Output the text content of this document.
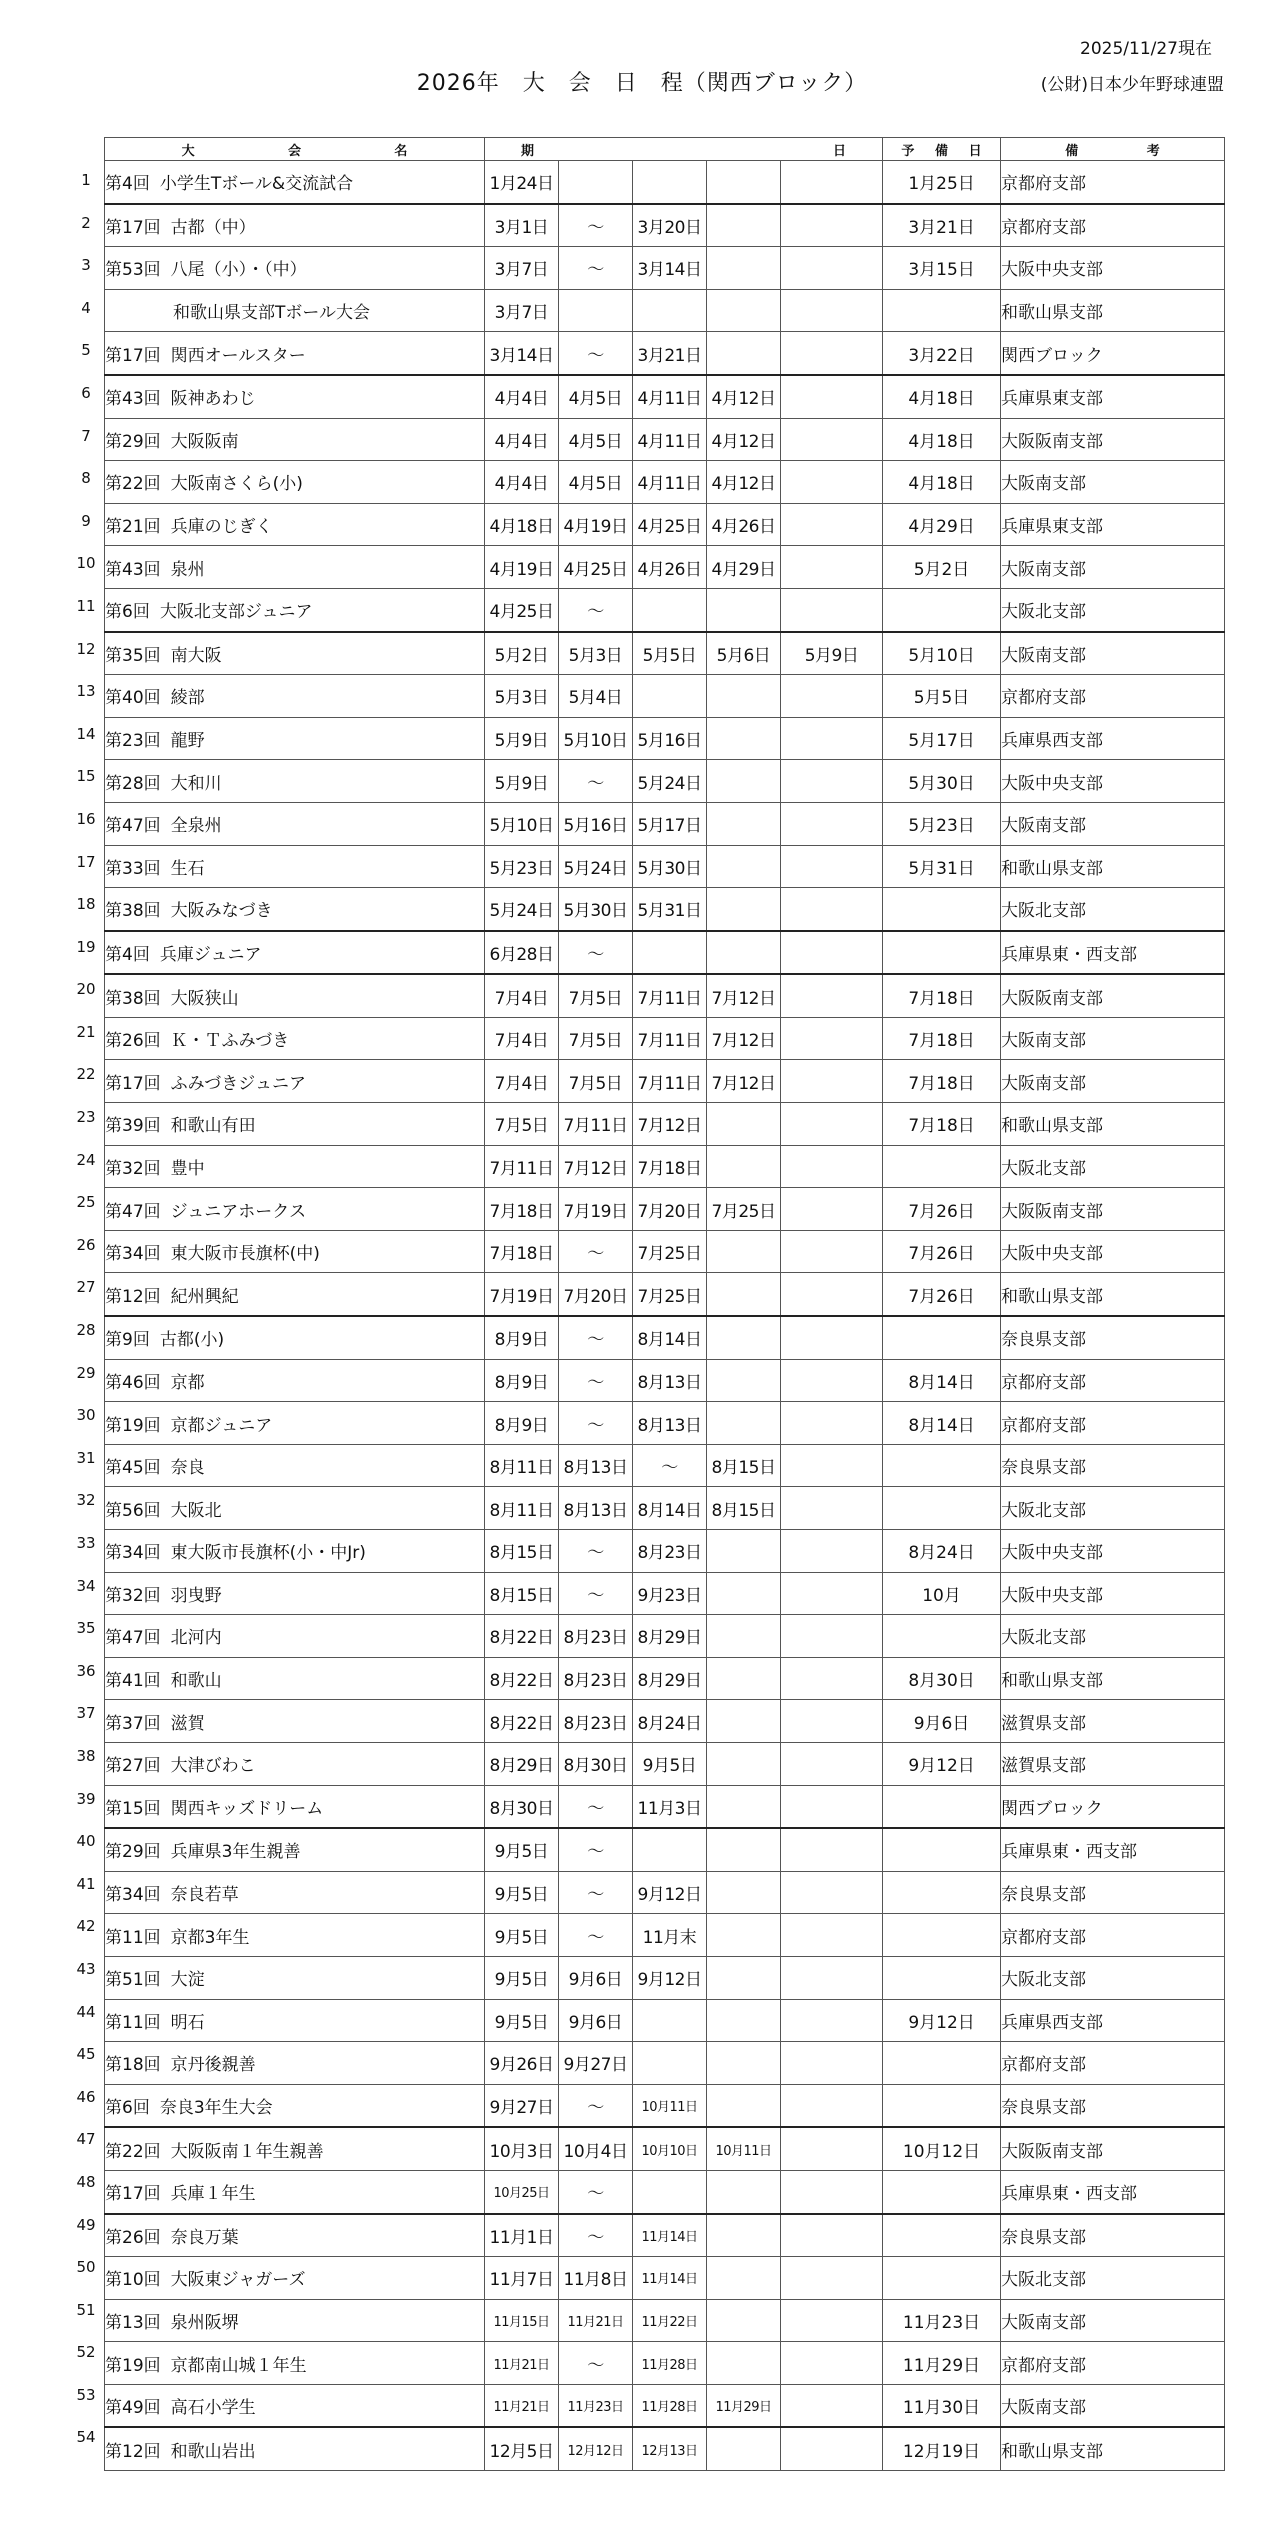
2025/11/27現在
2026年　大　会　日　程（関西ブロック）	(公財)日本少年野球連盟
1
2
3
4
5
6
7
8
9
10
11
12
13
14
15
16
17
18
19
20
21
22
23
24
25
26
27
28
29
30
31
32
33
34
35
36
37
38
39
40
41
42
43
44
45
46
47
48
49
50
51
52
53
54
大 会 名	期 日					予 備 日	備 考

第4回 小学生Tボール&交流試合	1月24日					1月25日	京都府支部
第17回 古都（中）	3月1日	～	3月20日			3月21日	京都府支部
第53回 八尾（小）・（中）	3月7日	～	3月14日			3月15日	大阪中央支部
和歌山県支部Tボール大会	3月7日						和歌山県支部
第17回 関西オールスター	3月14日	～	3月21日			3月22日	関西ブロック
第43回 阪神あわじ	4月4日	4月5日	4月11日	4月12日		4月18日	兵庫県東支部
第29回 大阪阪南	4月4日	4月5日	4月11日	4月12日		4月18日	大阪阪南支部
第22回 大阪南さくら(小)	4月4日	4月5日	4月11日	4月12日		4月18日	大阪南支部
第21回 兵庫のじぎく	4月18日	4月19日	4月25日	4月26日		4月29日	兵庫県東支部
第43回 泉州	4月19日	4月25日	4月26日	4月29日		5月2日	大阪南支部
第6回 大阪北支部ジュニア	4月25日	～					大阪北支部
第35回 南大阪	5月2日	5月3日	5月5日	5月6日	5月9日	5月10日	大阪南支部
第40回 綾部	5月3日	5月4日				5月5日	京都府支部
第23回 龍野	5月9日	5月10日	5月16日			5月17日	兵庫県西支部
第28回 大和川	5月9日	～	5月24日			5月30日	大阪中央支部
第47回 全泉州	5月10日	5月16日	5月17日			5月23日	大阪南支部
第33回 生石	5月23日	5月24日	5月30日			5月31日	和歌山県支部
第38回 大阪みなづき	5月24日	5月30日	5月31日				大阪北支部
第4回 兵庫ジュニア	6月28日	～					兵庫県東・西支部
第38回 大阪狭山	7月4日	7月5日	7月11日	7月12日		7月18日	大阪阪南支部
第26回 Ｋ・Ｔふみづき	7月4日	7月5日	7月11日	7月12日		7月18日	大阪南支部
第17回 ふみづきジュニア	7月4日	7月5日	7月11日	7月12日		7月18日	大阪南支部
第39回 和歌山有田	7月5日	7月11日	7月12日			7月18日	和歌山県支部
第32回 豊中	7月11日	7月12日	7月18日				大阪北支部
第47回 ジュニアホークス	7月18日	7月19日	7月20日	7月25日		7月26日	大阪阪南支部
第34回 東大阪市長旗杯(中)	7月18日	～	7月25日			7月26日	大阪中央支部
第12回 紀州興紀	7月19日	7月20日	7月25日			7月26日	和歌山県支部
第9回 古都(小)	8月9日	～	8月14日				奈良県支部
第46回 京都	8月9日	～	8月13日			8月14日	京都府支部
第19回 京都ジュニア	8月9日	～	8月13日			8月14日	京都府支部
第45回 奈良	8月11日	8月13日	～	8月15日			奈良県支部
第56回 大阪北	8月11日	8月13日	8月14日	8月15日			大阪北支部
第34回 東大阪市長旗杯(小・中Jr)	8月15日	～	8月23日			8月24日	大阪中央支部
第32回 羽曳野	8月15日	～	9月23日			10月	大阪中央支部
第47回 北河内	8月22日	8月23日	8月29日				大阪北支部
第41回 和歌山	8月22日	8月23日	8月29日			8月30日	和歌山県支部
第37回 滋賀	8月22日	8月23日	8月24日			9月6日	滋賀県支部
第27回 大津びわこ	8月29日	8月30日	9月5日			9月12日	滋賀県支部
第15回 関西キッズドリーム	8月30日	～	11月3日				関西ブロック
第29回 兵庫県3年生親善	9月5日	～					兵庫県東・西支部
第34回 奈良若草	9月5日	～	9月12日				奈良県支部
第11回 京都3年生	9月5日	～	11月末				京都府支部
第51回 大淀	9月5日	9月6日	9月12日				大阪北支部
第11回 明石	9月5日	9月6日				9月12日	兵庫県西支部
第18回 京丹後親善	9月26日	9月27日					京都府支部
第6回 奈良3年生大会	9月27日	～	10月11日				奈良県支部
第22回 大阪阪南１年生親善	10月3日	10月4日	10月10日	10月11日		10月12日	大阪阪南支部
第17回 兵庫１年生	10月25日	～					兵庫県東・西支部
第26回 奈良万葉	11月1日	～	11月14日				奈良県支部
第10回 大阪東ジャガーズ	11月7日	11月8日	11月14日				大阪北支部
第13回 泉州阪堺	11月15日	11月21日	11月22日			11月23日	大阪南支部
第19回 京都南山城１年生	11月21日	～	11月28日			11月29日	京都府支部
第49回 高石小学生	11月21日	11月23日	11月28日	11月29日		11月30日	大阪南支部
第12回 和歌山岩出	12月5日	12月12日	12月13日			12月19日	和歌山県支部
